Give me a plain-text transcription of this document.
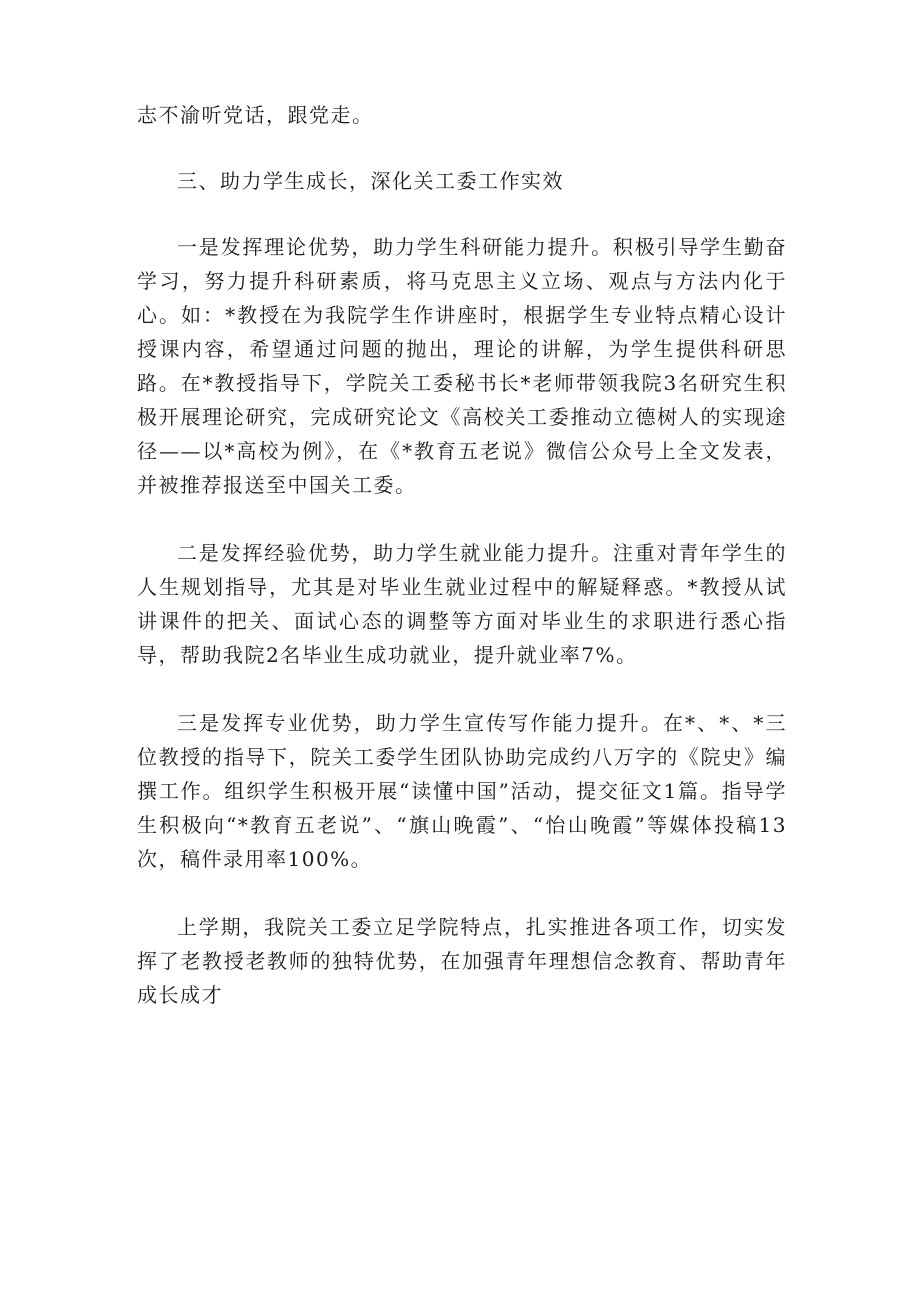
志不渝听党话，跟党走。

三、助力学生成长，深化关工委工作实效

一是发挥理论优势，助力学生科研能力提升。积极引导学生勤奋学习，努力提升科研素质，将马克思主义立场、观点与方法内化于心。如：*教授在为我院学生作讲座时，根据学生专业特点精心设计授课内容，希望通过问题的抛出，理论的讲解，为学生提供科研思路。在*教授指导下，学院关工委秘书长*老师带领我院3名研究生积极开展理论研究，完成研究论文《高校关工委推动立德树人的实现途径——以*高校为例》，在《*教育五老说》微信公众号上全文发表，并被推荐报送至中国关工委。

二是发挥经验优势，助力学生就业能力提升。注重对青年学生的人生规划指导，尤其是对毕业生就业过程中的解疑释惑。*教授从试讲课件的把关、面试心态的调整等方面对毕业生的求职进行悉心指导，帮助我院2名毕业生成功就业，提升就业率7%。

三是发挥专业优势，助力学生宣传写作能力提升。在*、*、*三位教授的指导下，院关工委学生团队协助完成约八万字的《院史》编撰工作。组织学生积极开展“读懂中国”活动，提交征文1篇。指导学生积极向“*教育五老说”、“旗山晚霞”、“怡山晚霞”等媒体投稿13次，稿件录用率100%。

上学期，我院关工委立足学院特点，扎实推进各项工作，切实发挥了老教授老教师的独特优势，在加强青年理想信念教育、帮助青年成长成才
